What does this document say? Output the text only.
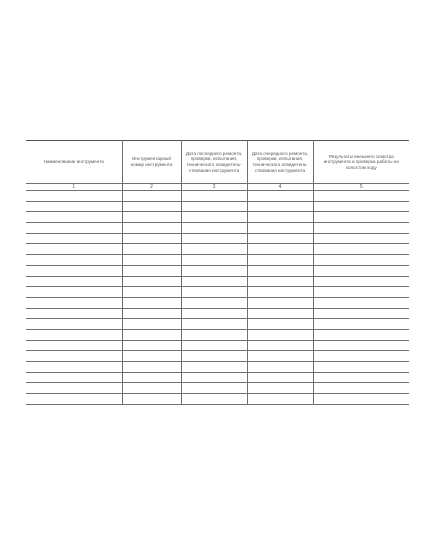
Наименование инструмента	Инструментарный номер инструмента	Дата последнего ремонта, проверки, испытания, технического освидетель-ствования инструмента	Дата очередного ремонта, проверки, испытания, технического освидетель-ствования инструмента	Результаты внешнего осмотра инструмента и проверка работы на холостом ходу
1	2	3	4	5
